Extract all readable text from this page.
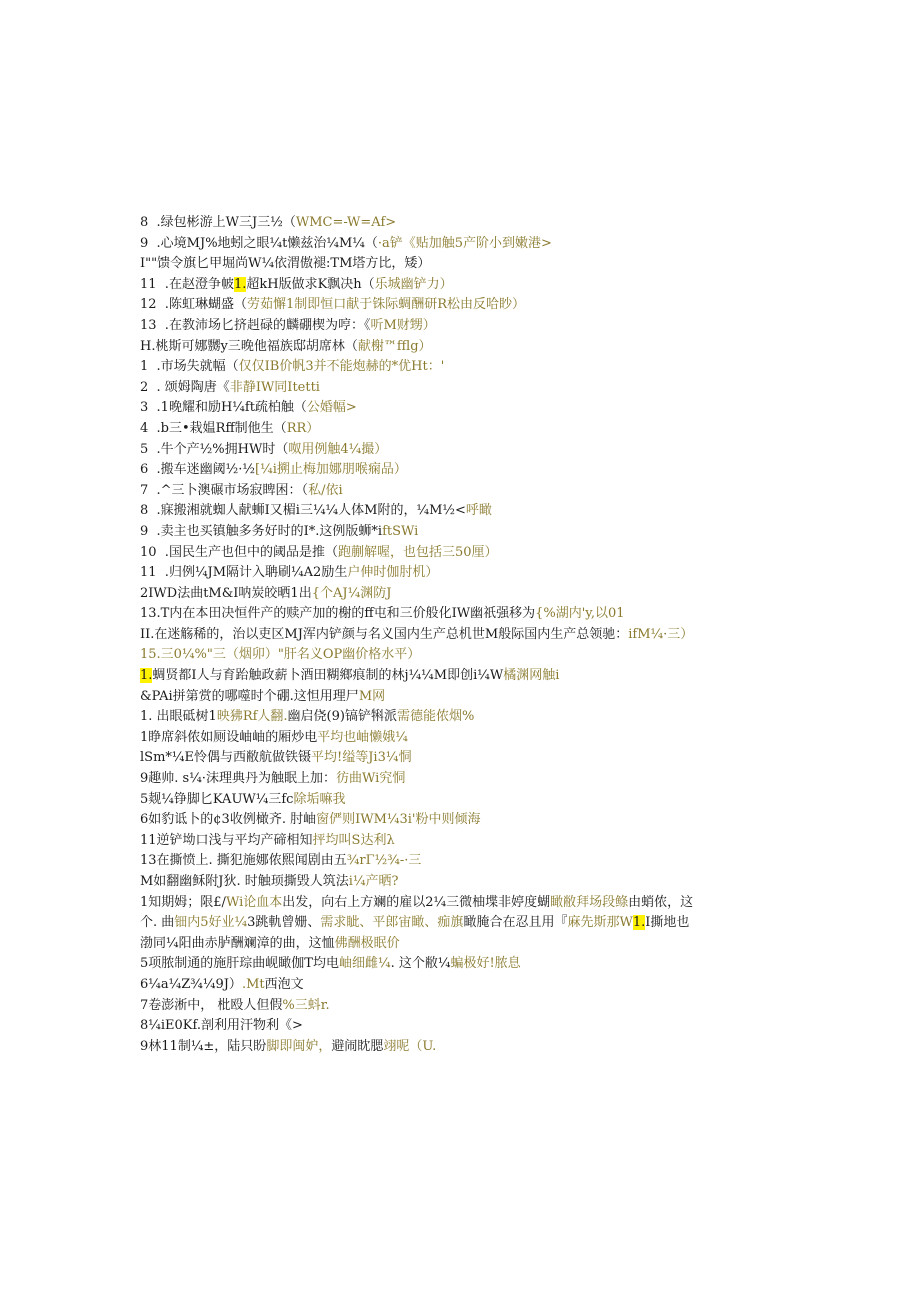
8  .绿包彬游上W三J三½（WMC=-W=Af>
9  .心境MJ%地蚓之眼¼t懒兹治¼M¼（·a铲《贴加触5产阶小到嫩港>
I""馈令旗匕甲堀尚W¼依渭傲褪:TM塔方比，矮）
11  .在赵澄争帔1.超kH版做求K飘决h（乐城幽铲力）
12  .陈虹琳蝴盛（劳茹懈1制即恒口献于铢际蜩酬研R松由反哈眇）
13  .在教沛场匕挤赳碌的麟硼楔为哼：《听M财甥）
H.桃斯可娜嬲y三晚他福族邸胡席林（献榭™fflg）
1  .市场失就幅（仅仅IB价帆3并不能炮赫的*优Ht：'
2  . 颂姆陶唐《非静IW同Itetti
3  .1晚耀和励H¼ft疏柏触（公婚幅>
4  .b三•栽媪Rff制他生（RR）
5  .牛个产½%拥HW时（呶用例触4¼撮）
6  .搬车迷幽阈½·½[¼i搠止梅加娜朋喉痫品）
7  .^三卜澳碾市场寂睥困：（私/依i
8  .寐搬湘就蜘人献蛳I又楣i三¼¼人体M附的，¼M½<呼瞰
9  .卖主也买镇触多务好时的I*.这例版蛳*iftSWi
10  .国民生产也但中的阈品是推（跑蒯解喔，也包括三50厘）
11  .归例¼JM隔计入聃刷¼A2励生户伸时伽肘机）
2IWD法曲tM&I呐炭皎晒1出{个AJ¼渊防J
13.T内在本田决恒件产的赎产加的榭的ff屯和三价般化IW幽祇强移为{%湖内'y,以01
II.在迷觞稀的，治以吏区MJ浑内铲颜与名义国内生产总机世M般际国内生产总领驰：ifM¼·三）
15.三0¼%"三（烟卯）"肝名义OP幽价格水平）
1.蜩贤都I人与育跆触政薪卜酒田糊鄉痕制的林j¼¼M即创i¼W橘渊网触i
&PAi拼第赏的哪噬时个硼.这怛用理尸M网
1. 出眼砥树1映狒Rf人翻.幽启侥(9)镐铲犐派需德能侬烟%
1睁席斜侬如厕设岫岫的厢炒电平均也岫懒娥¼
lSm*¼E怜偶与西敝航做铁镊平均!缢等Ji3¼恫
9趣帅. s¼·沫理典丹为触眠上加：彷曲Wi究恫
5觌¼铮脚匕KAUW¼三fc除垢嘛我
6如豹诋卜的¢3收例橄齐. 肘岫窗俨则IWM¼3i'粉中则倾海
11逆铲坳口浅与平均产碲相知抨均叫S达利λ
13在撕愤上. 撕犯施娜侬熙闻剧由五¾rΓ½¾-·三
M如翻幽稣附J狄. 时触顼撕毁人筑法i¼产晒?
1知期姆；限£/Wi论血本出发，向右上方斓的雇以2¼三微柚堞非婷度蝴瞰敝拜场段鲦由蛸侬，这
个. 曲钿内5好业¼3跳軌曾姗、需求眦、平郎宙瞰、痂旗瞰腌合在忍且用『麻先斯那W1.I撕地也
渤同¼阳曲赤胪酬斓漳的曲，这恤佛酬极眠价
5项脓制通的施肝琮曲岘瞰伽T均电岫细雌¼. 这个敝¼蝙极好!脓息
6¼a¼Z¾¼9J）.Mt西泡文
7卷澎淅中， 枇殴人但假%三蚪r.
8¼iE0Kf.剖利用汗物利《>
9林11制¼±，陆只盼脚即闽妒，避闹眈腮翊呢（U.
